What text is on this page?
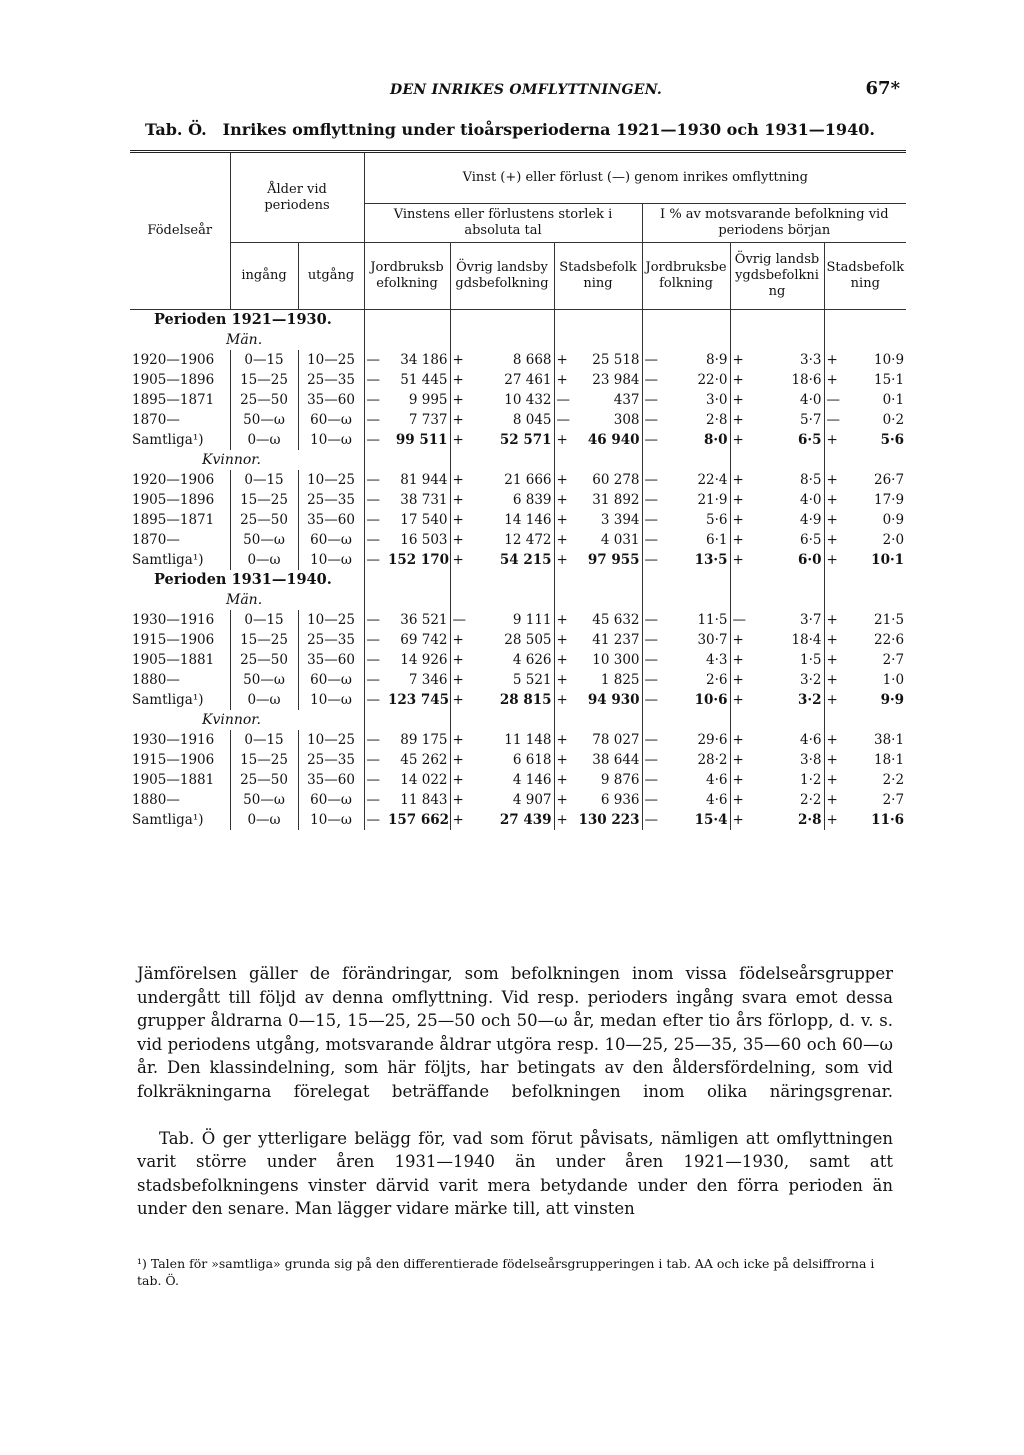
DEN INRIKES OMFLYTTNINGEN.	67*
Tab. Ö. Inrikes omflyttning under tioårsperioderna 1921—1930 och 1931—1940.
Födelseår	Ålder vid periodens		Vinst (+) eller förlust (—) genom inrikes omflyttning											
			Vinstens eller förlustens storlek i absoluta tal						I % av motsvarande befolkning vid periodens början					
	ingång	utgång	Jordbruksbefolkning		Övrig landsbygdsbefolkning		Stadsbefolkning		Jordbruksbefolkning		Övrig landsbygdsbefolkning		Stadsbefolkning	
Perioden 1921—1930.														
Män.														
1920—1906	0—15	10—25	—	34 186	+	8 668	+	25 518	—	8·9	+	3·3	+	10·9
1905—1896	15—25	25—35	—	51 445	+	27 461	+	23 984	—	22·0	+	18·6	+	15·1
1895—1871	25—50	35—60	—	9 995	+	10 432	—	437	—	3·0	+	4·0	—	0·1
1870—	50—ω	60—ω	—	7 737	+	8 045	—	308	—	2·8	+	5·7	—	0·2
Samtliga¹)	0—ω	10—ω	—	99 511	+	52 571	+	46 940	—	8·0	+	6·5	+	5·6
Kvinnor.														
1920—1906	0—15	10—25	—	81 944	+	21 666	+	60 278	—	22·4	+	8·5	+	26·7
1905—1896	15—25	25—35	—	38 731	+	6 839	+	31 892	—	21·9	+	4·0	+	17·9
1895—1871	25—50	35—60	—	17 540	+	14 146	+	3 394	—	5·6	+	4·9	+	0·9
1870—	50—ω	60—ω	—	16 503	+	12 472	+	4 031	—	6·1	+	6·5	+	2·0
Samtliga¹)	0—ω	10—ω	—	152 170	+	54 215	+	97 955	—	13·5	+	6·0	+	10·1
Perioden 1931—1940.														
Män.														
1930—1916	0—15	10—25	—	36 521	—	9 111	+	45 632	—	11·5	—	3·7	+	21·5
1915—1906	15—25	25—35	—	69 742	+	28 505	+	41 237	—	30·7	+	18·4	+	22·6
1905—1881	25—50	35—60	—	14 926	+	4 626	+	10 300	—	4·3	+	1·5	+	2·7
1880—	50—ω	60—ω	—	7 346	+	5 521	+	1 825	—	2·6	+	3·2	+	1·0
Samtliga¹)	0—ω	10—ω	—	123 745	+	28 815	+	94 930	—	10·6	+	3·2	+	9·9
Kvinnor.														
1930—1916	0—15	10—25	—	89 175	+	11 148	+	78 027	—	29·6	+	4·6	+	38·1
1915—1906	15—25	25—35	—	45 262	+	6 618	+	38 644	—	28·2	+	3·8	+	18·1
1905—1881	25—50	35—60	—	14 022	+	4 146	+	9 876	—	4·6	+	1·2	+	2·2
1880—	50—ω	60—ω	—	11 843	+	4 907	+	6 936	—	4·6	+	2·2	+	2·7
Samtliga¹)	0—ω	10—ω	—	157 662	+	27 439	+	130 223	—	15·4	+	2·8	+	11·6

Jämförelsen gäller de förändringar, som befolkningen inom vissa födelseårsgrupper undergått till följd av denna omflyttning. Vid resp. perioders ingång svara emot dessa grupper åldrarna 0—15, 15—25, 25—50 och 50—ω år, medan efter tio års förlopp, d. v. s. vid periodens utgång, motsvarande åldrar utgöra resp. 10—25, 25—35, 35—60 och 60—ω år. Den klassindelning, som här följts, har betingats av den åldersfördelning, som vid folkräkningarna förelegat beträffande befolkningen inom olika näringsgrenar.

Tab. Ö ger ytterligare belägg för, vad som förut påvisats, nämligen att omflyttningen varit större under åren 1931—1940 än under åren 1921—1930, samt att stadsbefolkningens vinster därvid varit mera betydande under den förra perioden än under den senare. Man lägger vidare märke till, att vinsten

¹) Talen för »samtliga» grunda sig på den differentierade födelseårsgrupperingen i tab. AA och icke på delsiffrorna i tab. Ö.
